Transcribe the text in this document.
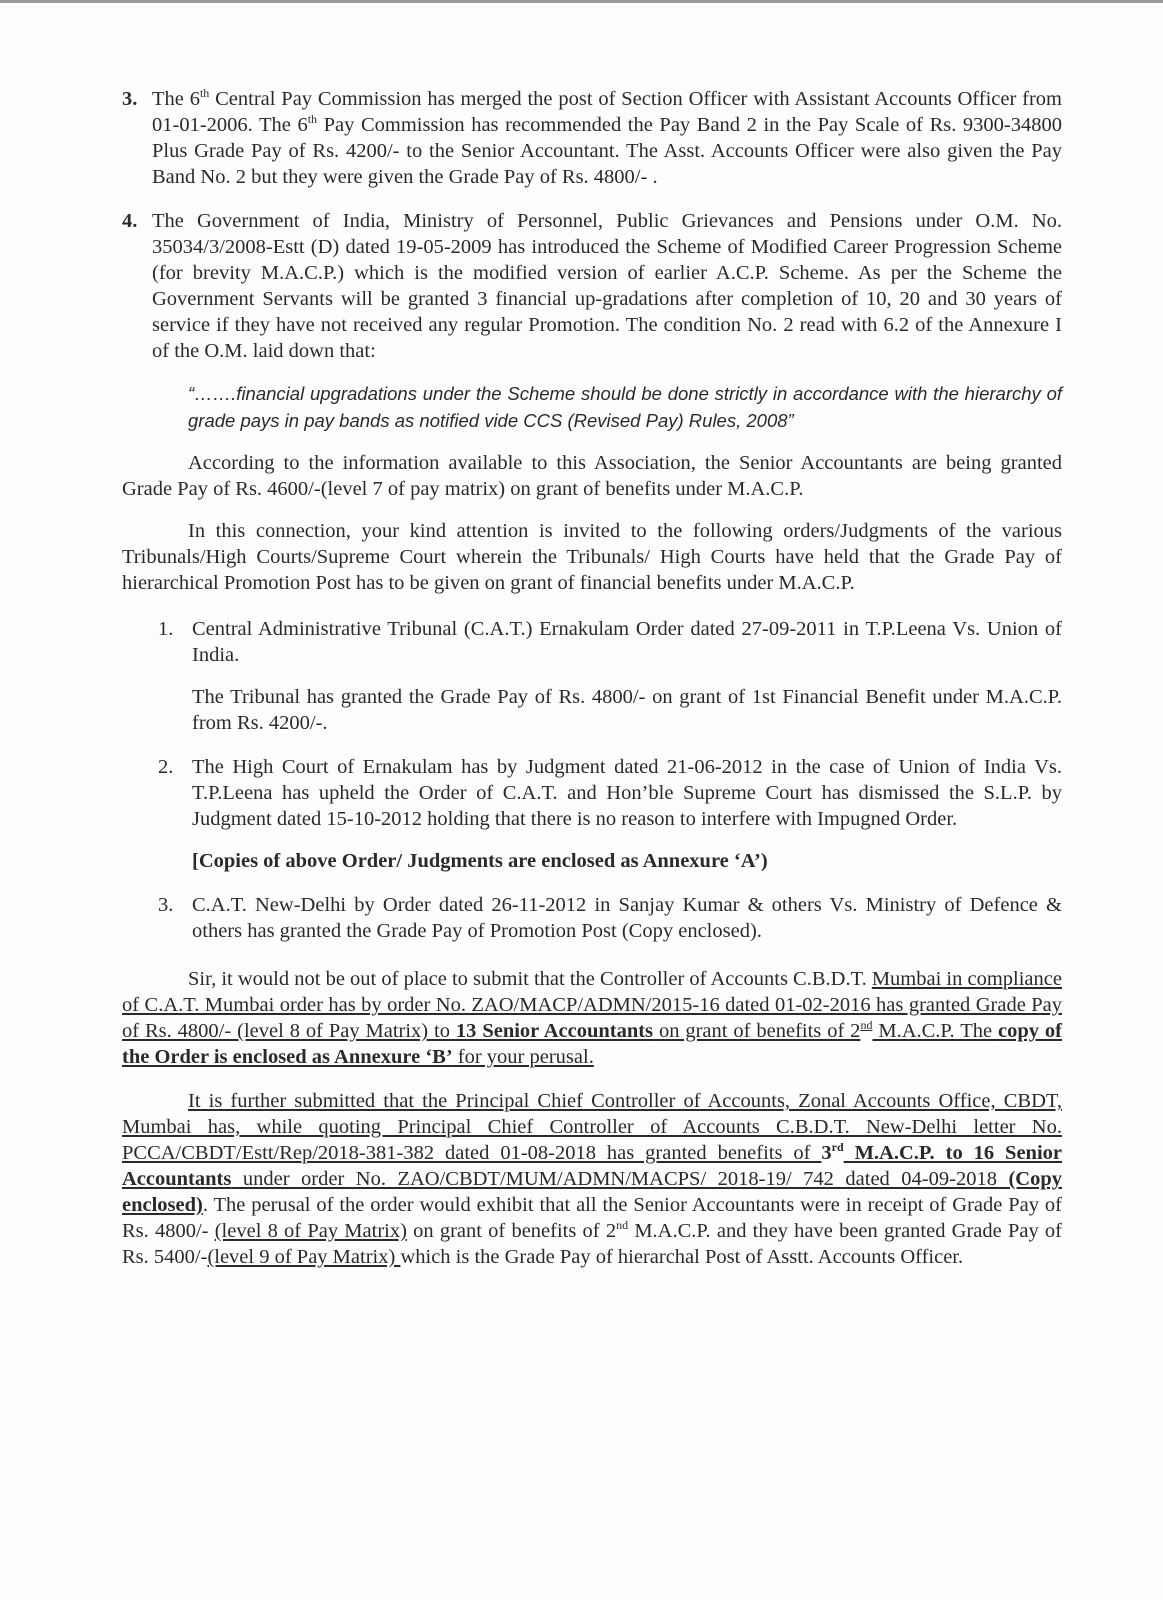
3. The 6th Central Pay Commission has merged the post of Section Officer with Assistant Accounts Officer from 01-01-2006. The 6th Pay Commission has recommended the Pay Band 2 in the Pay Scale of Rs. 9300-34800 Plus Grade Pay of Rs. 4200/- to the Senior Accountant. The Asst. Accounts Officer were also given the Pay Band No. 2 but they were given the Grade Pay of Rs. 4800/- .

4. The Government of India, Ministry of Personnel, Public Grievances and Pensions under O.M. No. 35034/3/2008-Estt (D) dated 19-05-2009 has introduced the Scheme of Modified Career Progression Scheme (for brevity M.A.C.P.) which is the modified version of earlier A.C.P. Scheme. As per the Scheme the Government Servants will be granted 3 financial up-gradations after completion of 10, 20 and 30 years of service if they have not received any regular Promotion. The condition No. 2 read with 6.2 of the Annexure I of the O.M. laid down that:

“…….financial upgradations under the Scheme should be done strictly in accordance with the hierarchy of grade pays in pay bands as notified vide CCS (Revised Pay) Rules, 2008”

According to the information available to this Association, the Senior Accountants are being granted Grade Pay of Rs. 4600/-(level 7 of pay matrix) on grant of benefits under M.A.C.P.

In this connection, your kind attention is invited to the following orders/Judgments of the various Tribunals/High Courts/Supreme Court wherein the Tribunals/ High Courts have held that the Grade Pay of hierarchical Promotion Post has to be given on grant of financial benefits under M.A.C.P.

1. Central Administrative Tribunal (C.A.T.) Ernakulam Order dated 27-09-2011 in T.P.Leena Vs. Union of India.
The Tribunal has granted the Grade Pay of Rs. 4800/- on grant of 1st Financial Benefit under M.A.C.P. from Rs. 4200/-.
2. The High Court of Ernakulam has by Judgment dated 21-06-2012 in the case of Union of India Vs. T.P.Leena has upheld the Order of C.A.T. and Hon’ble Supreme Court has dismissed the S.L.P. by Judgment dated 15-10-2012 holding that there is no reason to interfere with Impugned Order.
[Copies of above Order/ Judgments are enclosed as Annexure ‘A’)
3. C.A.T. New-Delhi by Order dated 26-11-2012 in Sanjay Kumar & others Vs. Ministry of Defence & others has granted the Grade Pay of Promotion Post (Copy enclosed).

Sir, it would not be out of place to submit that the Controller of Accounts C.B.D.T. Mumbai in compliance of C.A.T. Mumbai order has by order No. ZAO/MACP/ADMN/2015-16 dated 01-02-2016 has granted Grade Pay of Rs. 4800/- (level 8 of Pay Matrix) to 13 Senior Accountants on grant of benefits of 2nd M.A.C.P. The copy of the Order is enclosed as Annexure ‘B’ for your perusal.

It is further submitted that the Principal Chief Controller of Accounts, Zonal Accounts Office, CBDT, Mumbai has, while quoting Principal Chief Controller of Accounts C.B.D.T. New-Delhi letter No. PCCA/CBDT/Estt/Rep/2018-381-382 dated 01-08-2018 has granted benefits of 3rd M.A.C.P. to 16 Senior Accountants under order No. ZAO/CBDT/MUM/ADMN/MACPS/ 2018-19/ 742 dated 04-09-2018 (Copy enclosed). The perusal of the order would exhibit that all the Senior Accountants were in receipt of Grade Pay of Rs. 4800/- (level 8 of Pay Matrix) on grant of benefits of 2nd M.A.C.P. and they have been granted Grade Pay of Rs. 5400/-(level 9 of Pay Matrix) which is the Grade Pay of hierarchal Post of Asstt. Accounts Officer.
